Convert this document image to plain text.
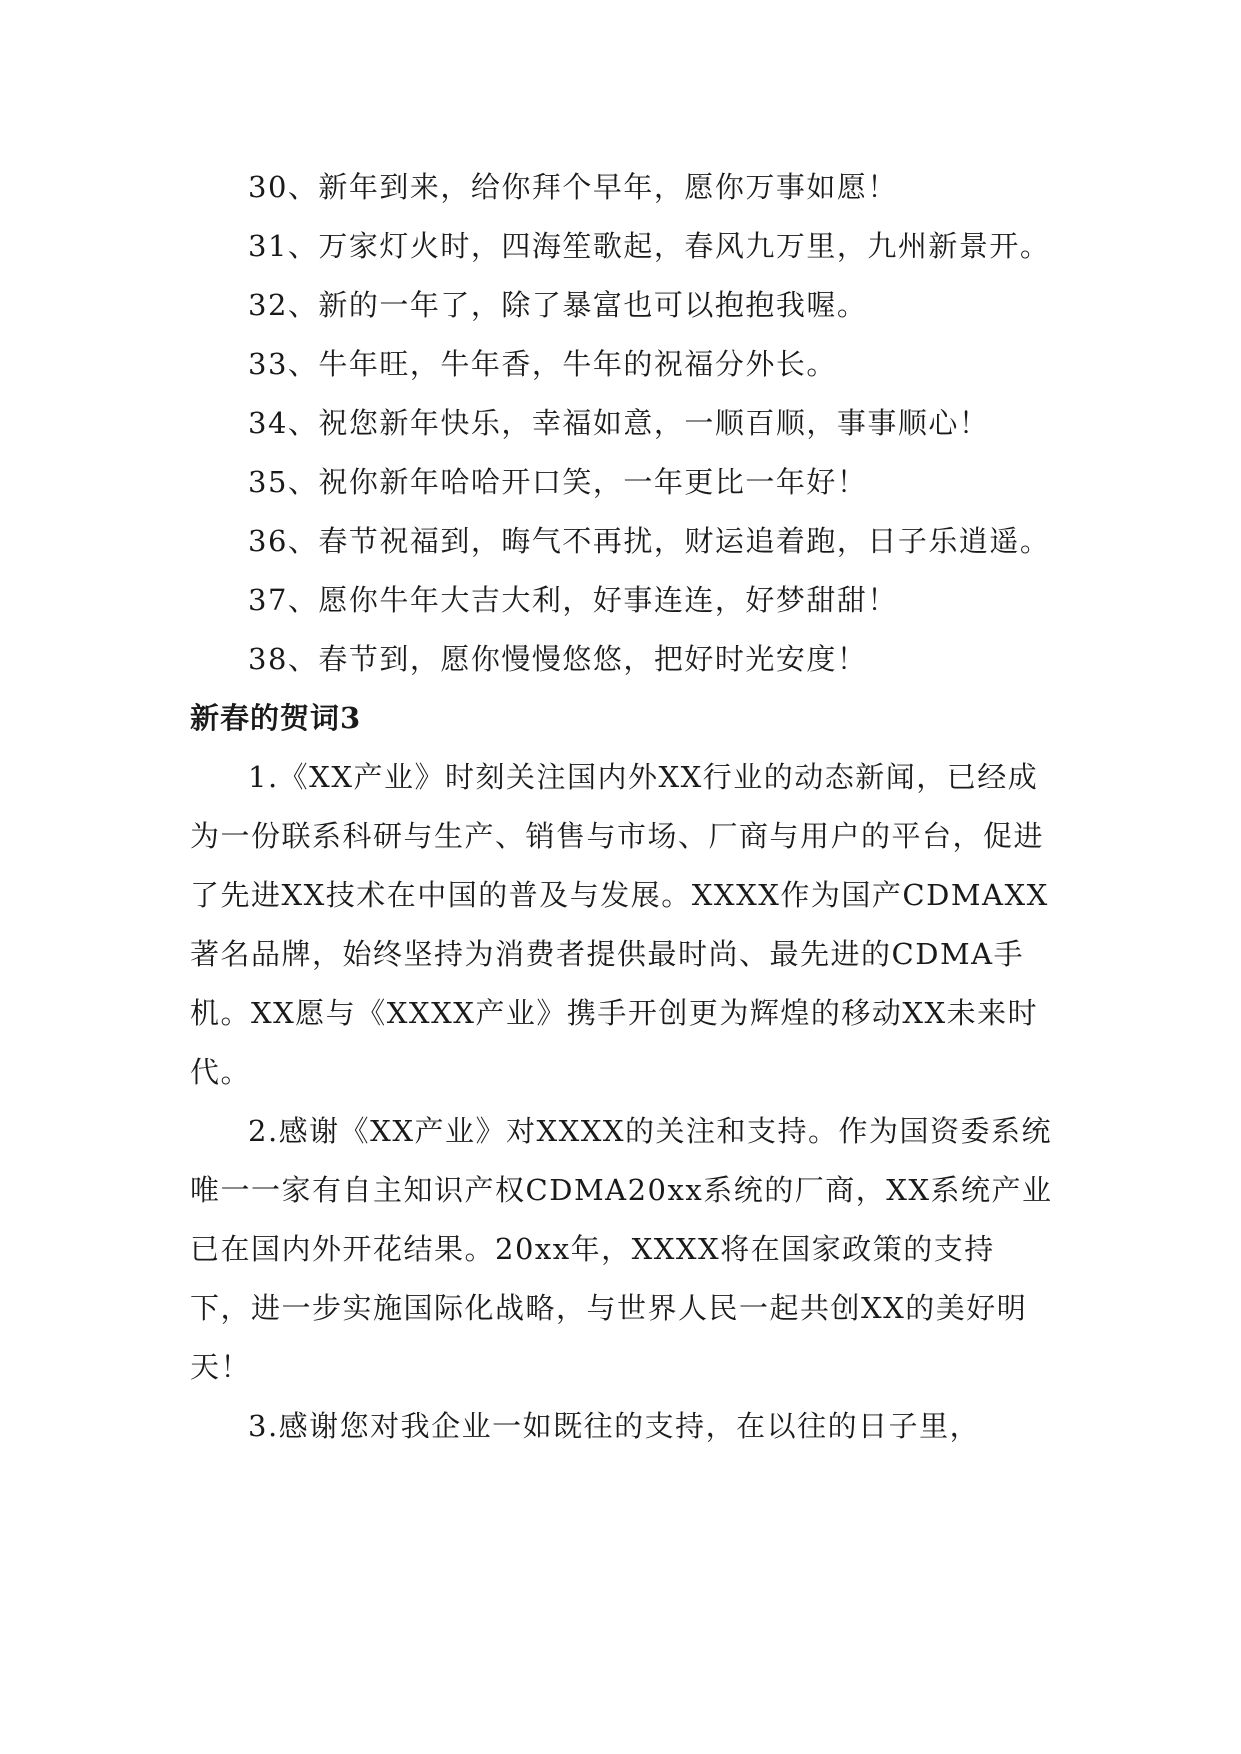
30、新年到来，给你拜个早年，愿你万事如愿！

31、万家灯火时，四海笙歌起，春风九万里，九州新景开。

32、新的一年了，除了暴富也可以抱抱我喔。

33、牛年旺，牛年香，牛年的祝福分外长。

34、祝您新年快乐，幸福如意，一顺百顺，事事顺心！

35、祝你新年哈哈开口笑，一年更比一年好！

36、春节祝福到，晦气不再扰，财运追着跑，日子乐逍遥。

37、愿你牛年大吉大利，好事连连，好梦甜甜！

38、春节到，愿你慢慢悠悠，把好时光安度！

新春的贺词3

1.《XX产业》时刻关注国内外XX行业的动态新闻，已经成为一份联系科研与生产、销售与市场、厂商与用户的平台，促进了先进XX技术在中国的普及与发展。XXXX作为国产CDMAXX著名品牌，始终坚持为消费者提供最时尚、最先进的CDMA手机。XX愿与《XXXX产业》携手开创更为辉煌的移动XX未来时代。

2.感谢《XX产业》对XXXX的关注和支持。作为国资委系统唯一一家有自主知识产权CDMA20xx系统的厂商，XX系统产业已在国内外开花结果。20xx年，XXXX将在国家政策的支持下，进一步实施国际化战略，与世界人民一起共创XX的美好明天！

3.感谢您对我企业一如既往的支持，在以往的日子里，
